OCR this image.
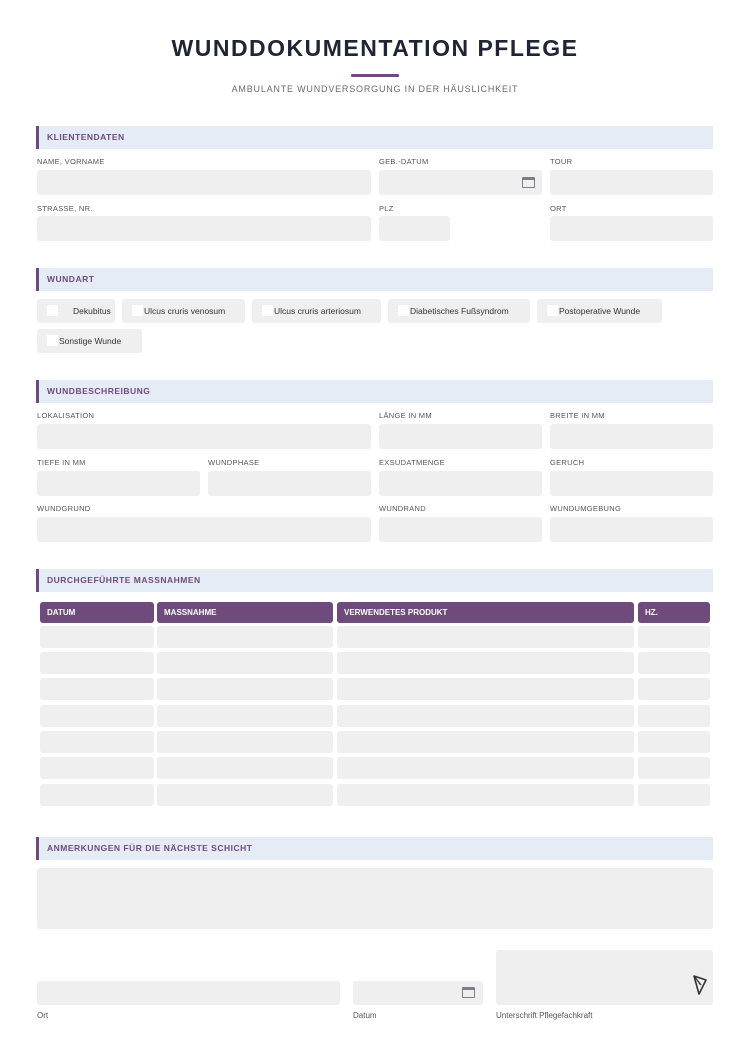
WUNDDOKUMENTATION PFLEGE
AMBULANTE WUNDVERSORGUNG IN DER HÄUSLICHKEIT
KLIENTENDATEN
NAME, VORNAME	GEB.-DATUM	TOUR
STRASSE, NR.	PLZ	ORT
WUNDART
Dekubitus	Ulcus cruris venosum	Ulcus cruris arteriosum	Diabetisches Fußsyndrom	Postoperative Wunde
Sonstige Wunde
WUNDBESCHREIBUNG
LOKALISATION	LÄNGE IN MM	BREITE IN MM
TIEFE IN MM	WUNDPHASE	EXSUDATMENGE	GERUCH
WUNDGRUND	WUNDRAND	WUNDUMGEBUNG
DURCHGEFÜHRTE MASSNAHMEN
DATUM	MASSNAHME	VERWENDETES PRODUKT	HZ.
ANMERKUNGEN FÜR DIE NÄCHSTE SCHICHT
Ort	Datum	Unterschrift Pflegefachkraft
